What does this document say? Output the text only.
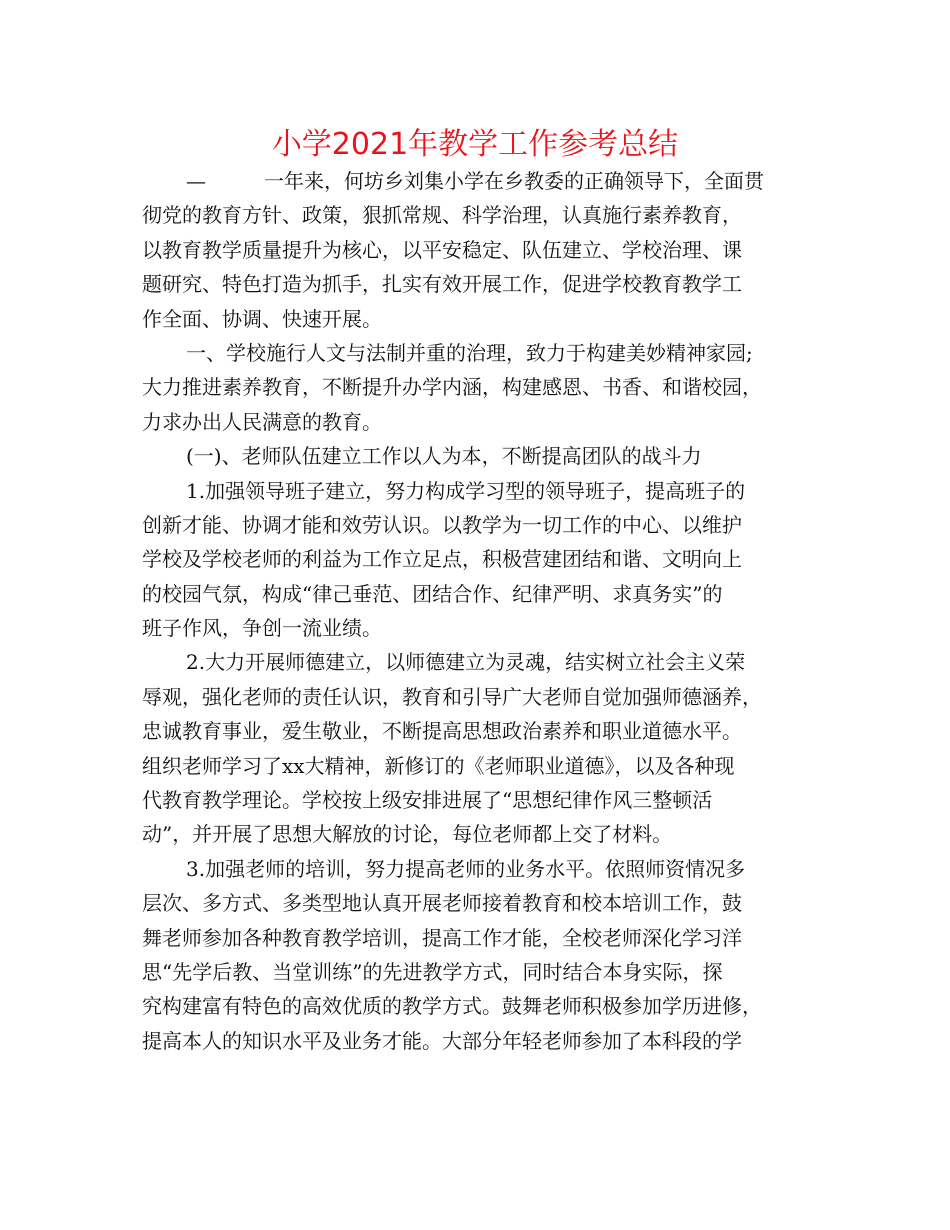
小学2021年教学工作参考总结
—	一年来，何坊乡刘集小学在乡教委的正确领导下，全面贯
彻党的教育方针、政策，狠抓常规、科学治理，认真施行素养教育，
以教育教学质量提升为核心，以平安稳定、队伍建立、学校治理、课
题研究、特色打造为抓手，扎实有效开展工作，促进学校教育教学工
作全面、协调、快速开展。
一、学校施行人文与法制并重的治理，致力于构建美妙精神家园;
大力推进素养教育，不断提升办学内涵，构建感恩、书香、和谐校园，
力求办出人民满意的教育。
(一)、老师队伍建立工作以人为本，不断提高团队的战斗力
1.加强领导班子建立，努力构成学习型的领导班子，提高班子的
创新才能、协调才能和效劳认识。以教学为一切工作的中心、以维护
学校及学校老师的利益为工作立足点，积极营建团结和谐、文明向上
的校园气氛，构成“律己垂范、团结合作、纪律严明、求真务实”的
班子作风，争创一流业绩。
2.大力开展师德建立，以师德建立为灵魂，结实树立社会主义荣
辱观，强化老师的责任认识，教育和引导广大老师自觉加强师德涵养，
忠诚教育事业，爱生敬业，不断提高思想政治素养和职业道德水平。
组织老师学习了xx大精神，新修订的《老师职业道德》，以及各种现
代教育教学理论。学校按上级安排进展了“思想纪律作风三整顿活
动”，并开展了思想大解放的讨论，每位老师都上交了材料。
3.加强老师的培训，努力提高老师的业务水平。依照师资情况多
层次、多方式、多类型地认真开展老师接着教育和校本培训工作，鼓
舞老师参加各种教育教学培训，提高工作才能，全校老师深化学习洋
思“先学后教、当堂训练”的先进教学方式，同时结合本身实际，探
究构建富有特色的高效优质的教学方式。鼓舞老师积极参加学历进修，
提高本人的知识水平及业务才能。大部分年轻老师参加了本科段的学
